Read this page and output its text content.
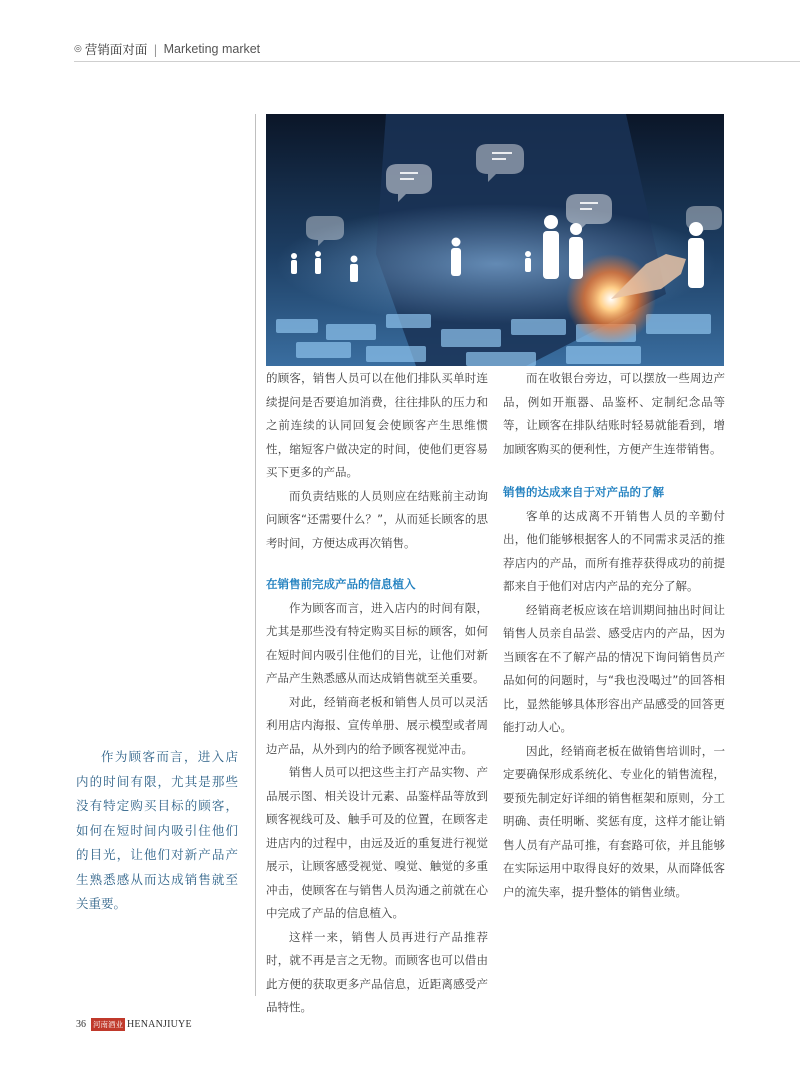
◎ 营销面对面 | Marketing market

的顾客，销售人员可以在他们排队买单时连续提问是否要追加消费，往往排队的压力和之前连续的认同回复会使顾客产生思维惯性，缩短客户做决定的时间，使他们更容易买下更多的产品。

而负责结账的人员则应在结账前主动询问顾客“还需要什么？”，从而延长顾客的思考时间，方便达成再次销售。

在销售前完成产品的信息植入

作为顾客而言，进入店内的时间有限，尤其是那些没有特定购买目标的顾客，如何在短时间内吸引住他们的目光，让他们对新产品产生熟悉感从而达成销售就至关重要。

对此，经销商老板和销售人员可以灵活利用店内海报、宣传单册、展示模型或者周边产品，从外到内的给予顾客视觉冲击。

销售人员可以把这些主打产品实物、产品展示图、相关设计元素、品鉴样品等放到顾客视线可及、触手可及的位置，在顾客走进店内的过程中，由远及近的重复进行视觉展示，让顾客感受视觉、嗅觉、触觉的多重冲击，使顾客在与销售人员沟通之前就在心中完成了产品的信息植入。

这样一来，销售人员再进行产品推荐时，就不再是言之无物。而顾客也可以借由此方便的获取更多产品信息，近距离感受产品特性。

而在收银台旁边，可以摆放一些周边产品，例如开瓶器、品鉴杯、定制纪念品等等，让顾客在排队结账时轻易就能看到，增加顾客购买的便利性，方便产生连带销售。

销售的达成来自于对产品的了解

客单的达成离不开销售人员的辛勤付出，他们能够根据客人的不同需求灵活的推荐店内的产品，而所有推荐获得成功的前提都来自于他们对店内产品的充分了解。

经销商老板应该在培训期间抽出时间让销售人员亲自品尝、感受店内的产品，因为当顾客在不了解产品的情况下询问销售员产品如何的问题时，与“我也没喝过”的回答相比，显然能够具体形容出产品感受的回答更能打动人心。

因此，经销商老板在做销售培训时，一定要确保形成系统化、专业化的销售流程，要预先制定好详细的销售框架和原则，分工明确、责任明晰、奖惩有度，这样才能让销售人员有产品可推，有套路可依，并且能够在实际运用中取得良好的效果，从而降低客户的流失率，提升整体的销售业绩。

作为顾客而言，进入店内的时间有限，尤其是那些没有特定购买目标的顾客，如何在短时间内吸引住他们的目光，让他们对新产品产生熟悉感从而达成销售就至关重要。
36 河南酒业 HENANJIUYE
